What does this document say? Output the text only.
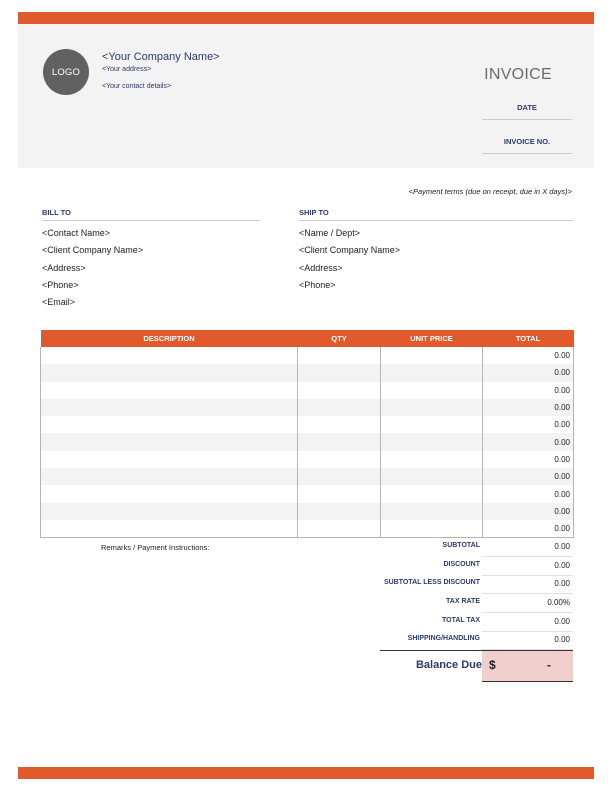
LOGO
<Your Company Name>
<Your address>
<Your contact details>
INVOICE
DATE
INVOICE NO.
<Payment terms (due on receipt, due in X days)>
BILL TO
<Contact Name>
<Client Company Name>
<Address>
<Phone>
<Email>
SHIP TO
<Name / Dept>
<Client Company Name>
<Address>
<Phone>
DESCRIPTION	QTY	UNIT PRICE	TOTAL
			0.00
			0.00
			0.00
			0.00
			0.00
			0.00
			0.00
			0.00
			0.00
			0.00
			0.00
Remarks / Payment Instructions:	SUBTOTAL	0.00
DISCOUNT	0.00
SUBTOTAL LESS DISCOUNT	0.00
TAX RATE	0.00%
TOTAL TAX	0.00
SHIPPING/HANDLING	0.00
Balance Due $	-
